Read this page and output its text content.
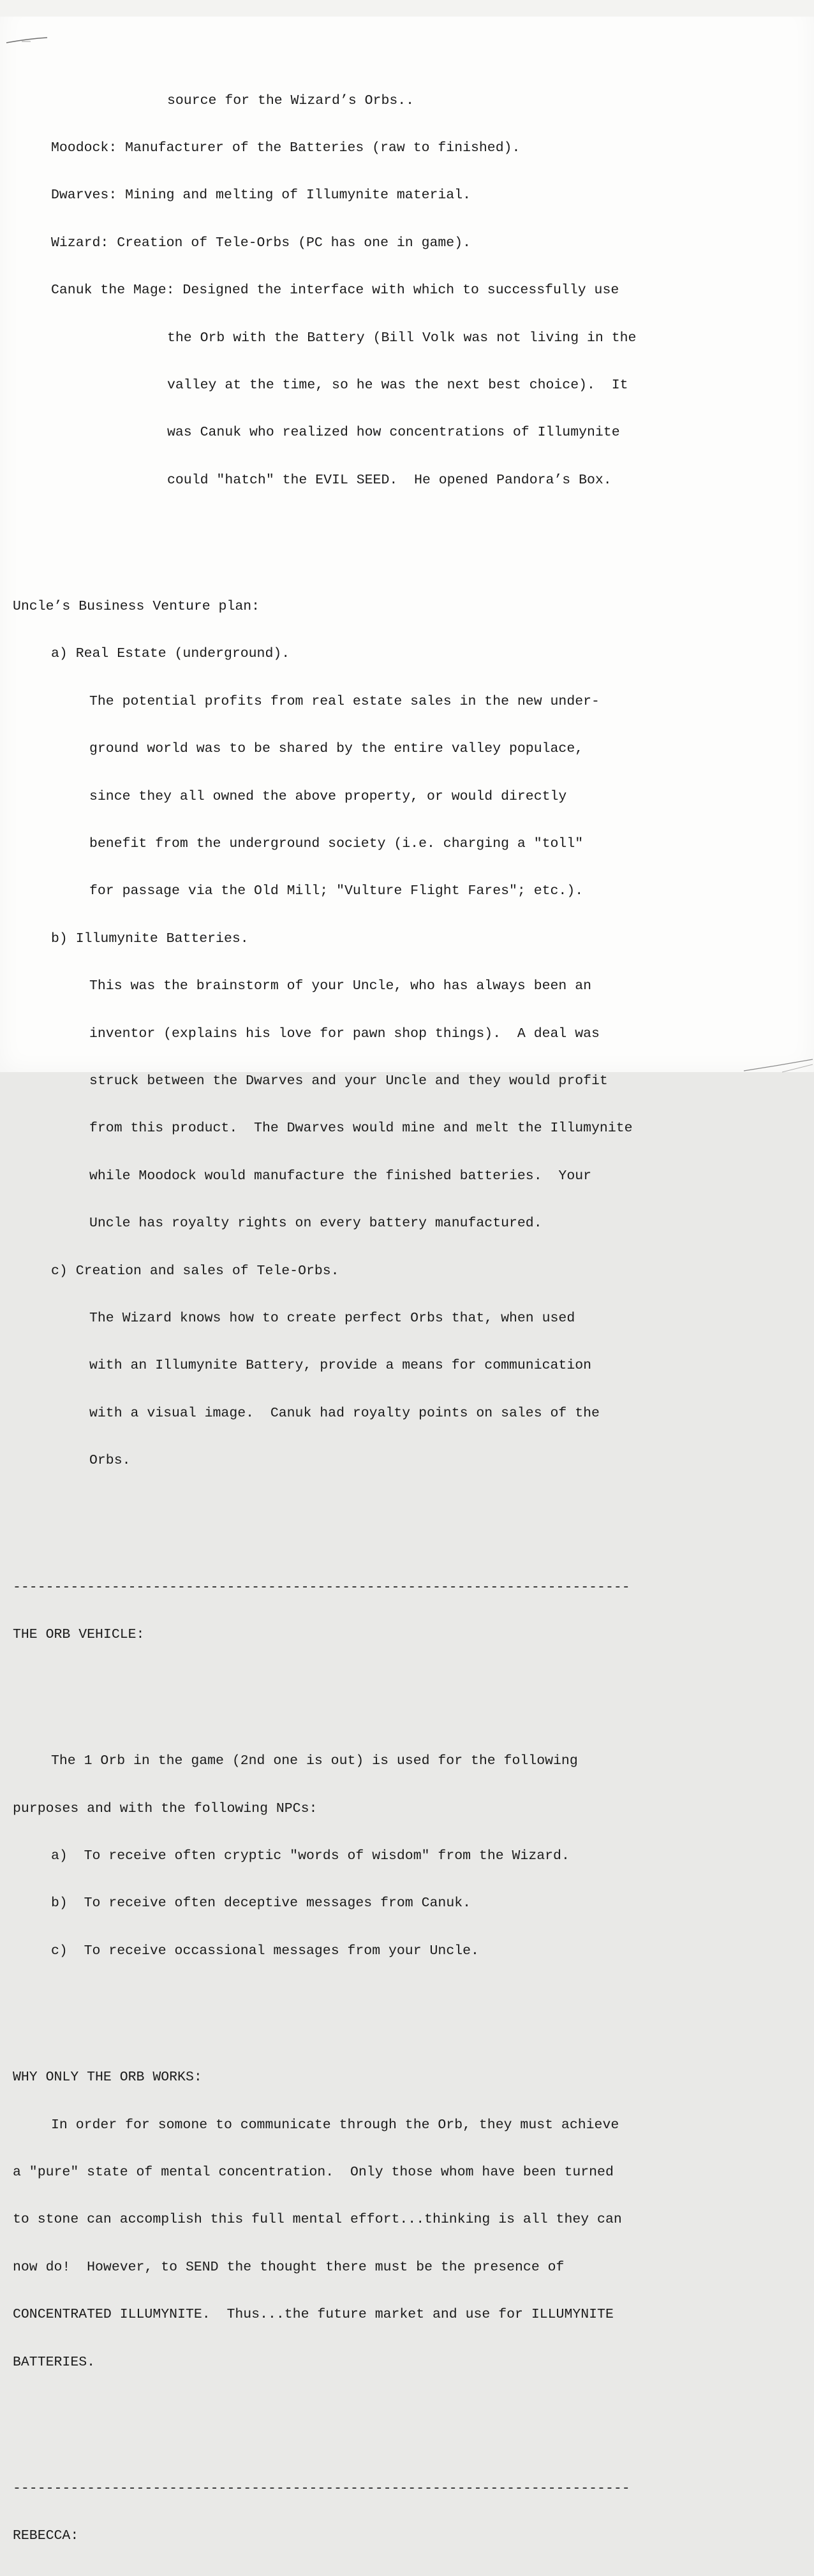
source for the Wizard’s Orbs..

Moodock: Manufacturer of the Batteries (raw to finished).

Dwarves: Mining and melting of Illumynite material.

Wizard: Creation of Tele-Orbs (PC has one in game).

Canuk the Mage: Designed the interface with which to successfully use

the Orb with the Battery (Bill Volk was not living in the

valley at the time, so he was the next best choice).  It

was Canuk who realized how concentrations of Illumynite

could "hatch" the EVIL SEED.  He opened Pandora’s Box.

Uncle’s Business Venture plan:

a) Real Estate (underground).

The potential profits from real estate sales in the new under-

ground world was to be shared by the entire valley populace,

since they all owned the above property, or would directly

benefit from the underground society (i.e. charging a "toll"

for passage via the Old Mill; "Vulture Flight Fares"; etc.).

b) Illumynite Batteries.

This was the brainstorm of your Uncle, who has always been an

inventor (explains his love for pawn shop things).  A deal was

struck between the Dwarves and your Uncle and they would profit

from this product.  The Dwarves would mine and melt the Illumynite

while Moodock would manufacture the finished batteries.  Your

Uncle has royalty rights on every battery manufactured.

c) Creation and sales of Tele-Orbs.

The Wizard knows how to create perfect Orbs that, when used

with an Illumynite Battery, provide a means for communication

with a visual image.  Canuk had royalty points on sales of the

Orbs.

---------------------------------------------------------------------------

THE ORB VEHICLE:

The 1 Orb in the game (2nd one is out) is used for the following

purposes and with the following NPCs:

a) To receive often cryptic "words of wisdom" from the Wizard.

b) To receive often deceptive messages from Canuk.

c) To receive occassional messages from your Uncle.

WHY ONLY THE ORB WORKS:

In order for somone to communicate through the Orb, they must achieve

a "pure" state of mental concentration.  Only those whom have been turned

to stone can accomplish this full mental effort...thinking is all they can

now do!  However, to SEND the thought there must be the presence of

CONCENTRATED ILLUMYNITE.  Thus...the future market and use for ILLUMYNITE

BATTERIES.

---------------------------------------------------------------------------

REBECCA:
